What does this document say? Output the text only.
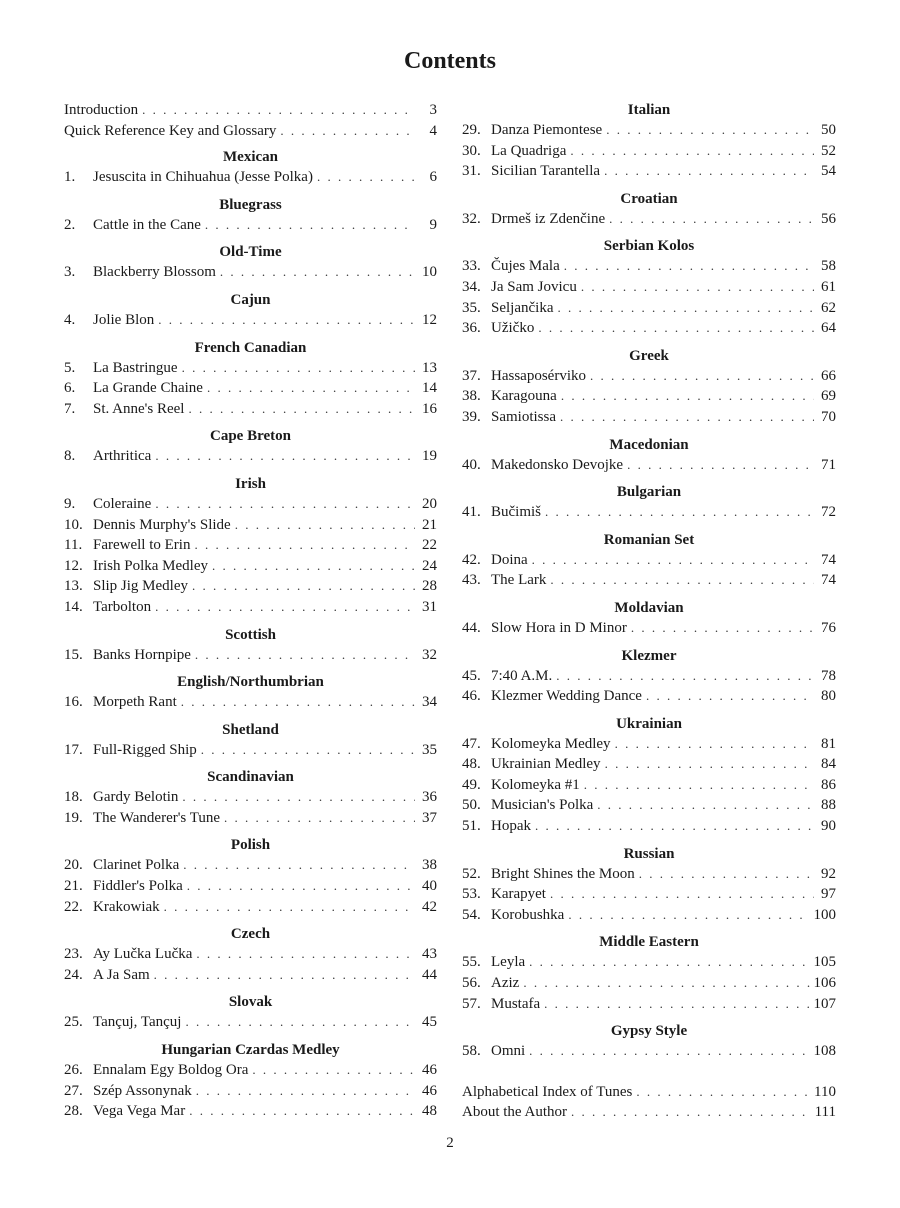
Contents
Introduction . . .	3
Quick Reference Key and Glossary . . .	4
Mexican
1.	Jesuscita in Chihuahua (Jesse Polka) . . .	6
Bluegrass
2.	Cattle in the Cane . . .	9
Old-Time
3.	Blackberry Blossom . . .	10
Cajun
4.	Jolie Blon . . .	12
French Canadian
5.	La Bastringue . . .	13
6.	La Grande Chaine . . .	14
7.	St. Anne's Reel . . .	16
Cape Breton
8.	Arthritica . . .	19
Irish
9.	Coleraine . . .	20
10. Dennis Murphy's Slide . . .	21
11. Farewell to Erin . . .	22
12. Irish Polka Medley . . .	24
13. Slip Jig Medley . . .	28
14. Tarbolton . . .	31
Scottish
15. Banks Hornpipe . . .	32
English/Northumbrian
16. Morpeth Rant . . .	34
Shetland
17. Full-Rigged Ship . . .	35
Scandinavian
18. Gardy Belotin . . .	36
19. The Wanderer's Tune . . .	37
Polish
20. Clarinet Polka . . .	38
21. Fiddler's Polka . . .	40
22. Krakowiak . . .	42
Czech
23. Ay Lučka Lučka . . .	43
24. A Ja Sam . . .	44
Slovak
25. Tançuj, Tançuj . . .	45
Hungarian Czardas Medley
26. Ennalam Egy Boldog Ora . . .	46
27. Szép Assonynak . . .	46
28. Vega Vega Mar . . .	48
Italian
29. Danza Piemontese . . .	50
30. La Quadriga . . .	52
31. Sicilian Tarantella . . .	54
Croatian
32. Drmeš iz Zdenčine . . .	56
Serbian Kolos
33. Čujes Mala . . .	58
34. Ja Sam Jovicu . . .	61
35. Seljančika . . .	62
36. Užičko . . .	64
Greek
37. Hassaposérviko . . .	66
38. Karagouna . . .	69
39. Samiotissa . . .	70
Macedonian
40. Makedonsko Devojke . . .	71
Bulgarian
41. Bučimiš . . .	72
Romanian Set
42. Doina . . .	74
43. The Lark . . .	74
Moldavian
44. Slow Hora in D Minor . . .	76
Klezmer
45. 7:40 A.M. . . .	78
46. Klezmer Wedding Dance . . .	80
Ukrainian
47. Kolomeyka Medley . . .	81
48. Ukrainian Medley . . .	84
49. Kolomeyka #1 . . .	86
50. Musician's Polka . . .	88
51. Hopak . . .	90
Russian
52. Bright Shines the Moon . . .	92
53. Karapyet . . .	97
54. Korobushka . . .	100
Middle Eastern
55. Leyla . . .	105
56. Aziz . . .	106
57. Mustafa . . .	107
Gypsy Style
58. Omni . . .	108
Alphabetical Index of Tunes . . .	110
About the Author . . .	111
2
